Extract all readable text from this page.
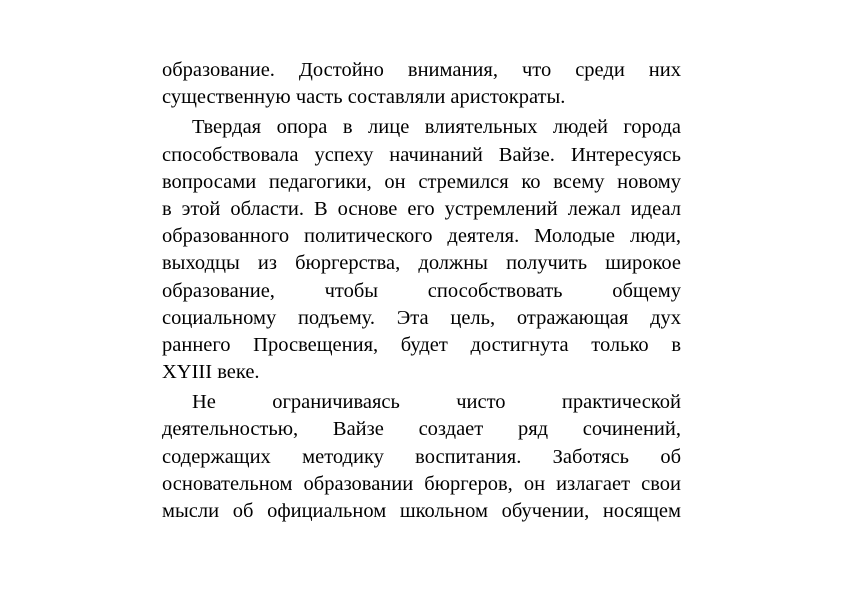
образование. Достойно внимания, что среди них
существенную часть составляли аристократы.
Твердая опора в лице влиятельных людей города
способствовала успеху начинаний Вайзе. Интересуясь
вопросами педагогики, он стремился ко всему новому
в этой области. В основе его устремлений лежал идеал
образованного политического деятеля. Молодые люди,
выходцы из бюргерства, должны получить широкое
образование, чтобы способствовать общему
социальному подъему. Эта цель, отражающая дух
раннего Просвещения, будет достигнута только в
XYIII веке.
Не ограничиваясь чисто практической
деятельностью, Вайзе создает ряд сочинений,
содержащих методику воспитания. Заботясь об
основательном образовании бюргеров, он излагает свои
мысли об официальном школьном обучении, носящем
